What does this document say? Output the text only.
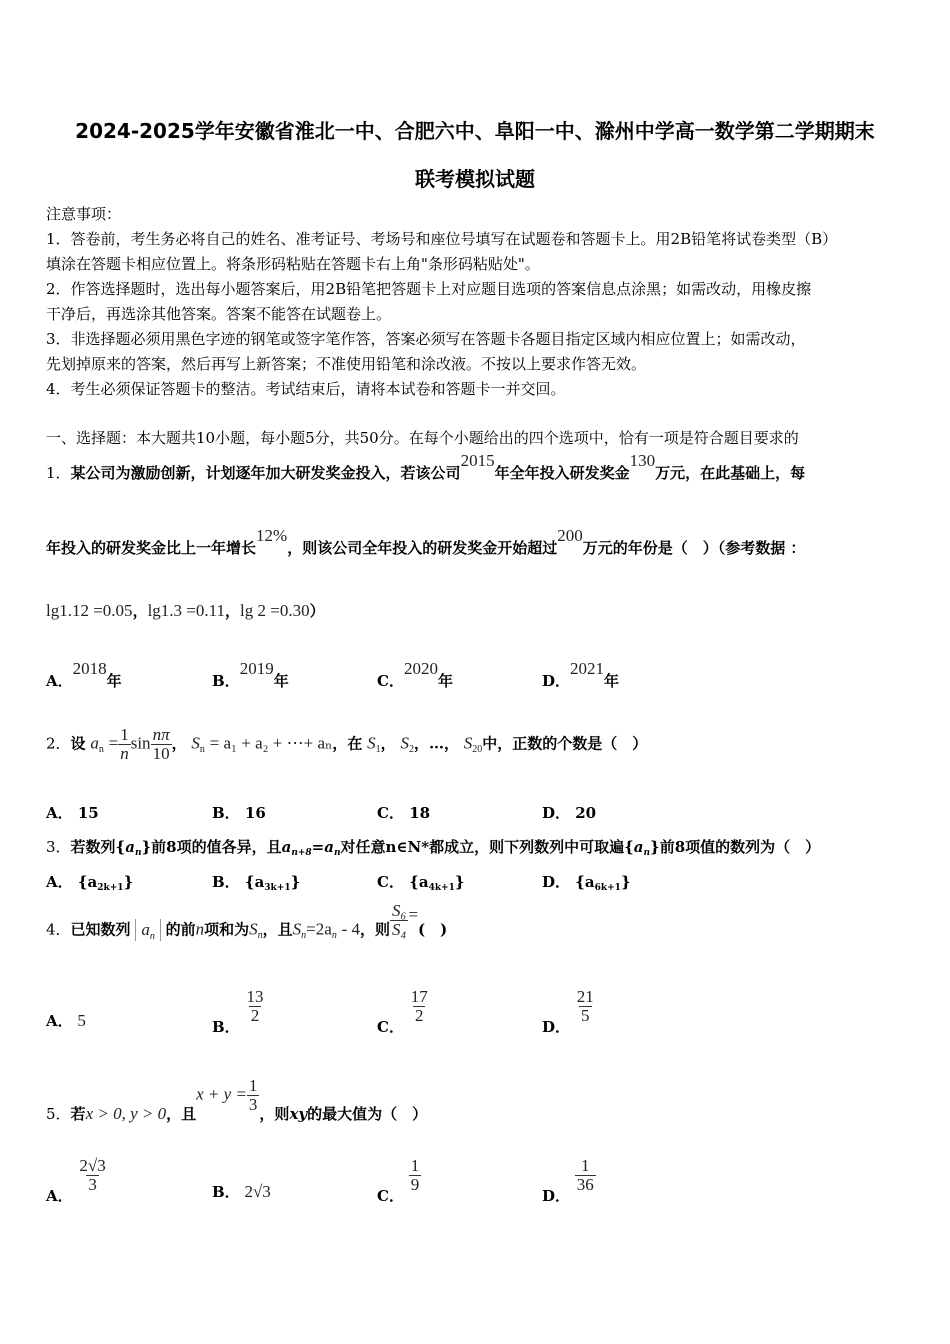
2024-2025学年安徽省淮北一中、合肥六中、阜阳一中、滁州中学高一数学第二学期期末
联考模拟试题
注意事项：
1．答卷前，考生务必将自己的姓名、准考证号、考场号和座位号填写在试题卷和答题卡上。用2B铅笔将试卷类型（B）
填涂在答题卡相应位置上。将条形码粘贴在答题卡右上角"条形码粘贴处"。
2．作答选择题时，选出每小题答案后，用2B铅笔把答题卡上对应题目选项的答案信息点涂黑；如需改动，用橡皮擦
干净后，再选涂其他答案。答案不能答在试题卷上。
3．非选择题必须用黑色字迹的钢笔或签字笔作答，答案必须写在答题卡各题目指定区域内相应位置上；如需改动，
先划掉原来的答案，然后再写上新答案；不准使用铅笔和涂改液。不按以上要求作答无效。
4．考生必须保证答题卡的整洁。考试结束后，请将本试卷和答题卡一并交回。
一、选择题：本大题共10小题，每小题5分，共50分。在每个小题给出的四个选项中，恰有一项是符合题目要求的
1．某公司为激励创新，计划逐年加大研发奖金投入，若该公司2015年全年投入研发奖金130万元，在此基础上，每
年投入的研发奖金比上一年增长12%，则该公司全年投入的研发奖金开始超过200万元的年份是（　）（参考数据 ：
lg1.12 =0.05，lg1.3 =0.11，lg 2 =0.30）
A．2018年	B．2019年	C．2020年	D．2021年
2．设 $a_n = \frac{1}{n}$ $\sin \frac{n\pi}{10}$ ， $S_n = a_1 + a_2$ + ⋯+ aₙ，在 $S_1$， $S_2$，…， $S_{20}$中，正数的个数是（　）
A． 15	B． 16	C． 18	D． 20
3．若数列$\{a_n\}$前8项的值各异，且$a_{n+8}=a_n$对任意n∈N*都成立，则下列数列中可取遍$\{a_n\}$前8项值的数列为（　）
A． $\{a_{2k+1}\}$	B． $\{a_{3k+1}\}$	C． $\{a_{4k+1}\}$	D． $\{a_{6k+1}\}$
4．已知数列 $a_n$ 的前n项和为$S_n$，且$S_n=2a_n - 4$，则 $\frac{\text{S₆}}{\text{S₄}}$ =(　)
A． 5	B．
$\frac{13}{2}$
C．
$\frac{17}{2}$
D．
$\frac{21}{5}$
5．若x > 0, y > 0，且$x + y = \frac{1}{3}$
，则xy的最大值为（　）
A．
$\frac{2√3}{3}$	B． 2√3	C．
$\frac{1}{9}$
D．
$\frac{1}{36}$
